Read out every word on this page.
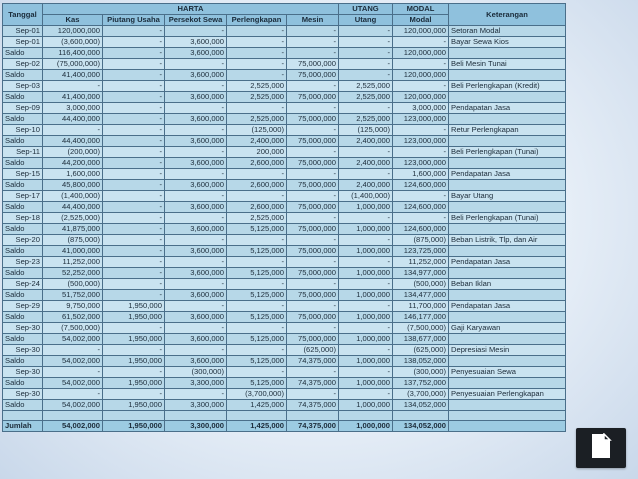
Tanggal	HARTA					UTANG	MODAL	Keterangan
	Kas	Piutang Usaha	Persekot Sewa	Perlengkapan	Mesin	Utang	Modal	
Sep-01	120,000,000	-	-	-	-	-	120,000,000	Setoran Modal
Sep-01	(3,600,000)	-	3,600,000	-	-	-	-	Bayar Sewa Kios
Saldo	116,400,000	-	3,600,000	-	-	-	120,000,000	
Sep-02	(75,000,000)	-	-	-	75,000,000	-	-	Beli Mesin Tunai
Saldo	41,400,000	-	3,600,000	-	75,000,000	-	120,000,000	
Sep-03	-	-	-	2,525,000	-	2,525,000	-	Beli Perlengkapan (Kredit)
Saldo	41,400,000	-	3,600,000	2,525,000	75,000,000	2,525,000	120,000,000	
Sep-09	3,000,000	-	-	-	-	-	3,000,000	Pendapatan Jasa
Saldo	44,400,000	-	3,600,000	2,525,000	75,000,000	2,525,000	123,000,000	
Sep-10	-	-	-	(125,000)	-	(125,000)	-	Retur Perlengkapan
Saldo	44,400,000	-	3,600,000	2,400,000	75,000,000	2,400,000	123,000,000	
Sep-11	(200,000)	-	-	200,000	-	-	-	Beli Perlengkapan (Tunai)
Saldo	44,200,000	-	3,600,000	2,600,000	75,000,000	2,400,000	123,000,000	
Sep-15	1,600,000	-	-	-	-	-	1,600,000	Pendapatan Jasa
Saldo	45,800,000	-	3,600,000	2,600,000	75,000,000	2,400,000	124,600,000	
Sep-17	(1,400,000)	-	-	-	-	(1,400,000)	-	Bayar Utang
Saldo	44,400,000	-	3,600,000	2,600,000	75,000,000	1,000,000	124,600,000	
Sep-18	(2,525,000)	-	-	2,525,000	-	-	-	Beli Perlengkapan (Tunai)
Saldo	41,875,000	-	3,600,000	5,125,000	75,000,000	1,000,000	124,600,000	
Sep-20	(875,000)	-	-	-	-	-	(875,000)	Beban Listrik, Tlp, dan Air
Saldo	41,000,000	-	3,600,000	5,125,000	75,000,000	1,000,000	123,725,000	
Sep-23	11,252,000	-	-	-	-	-	11,252,000	Pendapatan Jasa
Saldo	52,252,000	-	3,600,000	5,125,000	75,000,000	1,000,000	134,977,000	
Sep-24	(500,000)	-	-	-	-	-	(500,000)	Beban Iklan
Saldo	51,752,000	-	3,600,000	5,125,000	75,000,000	1,000,000	134,477,000	
Sep-29	9,750,000	1,950,000	-	-	-	-	11,700,000	Pendapatan Jasa
Saldo	61,502,000	1,950,000	3,600,000	5,125,000	75,000,000	1,000,000	146,177,000	
Sep-30	(7,500,000)	-	-	-	-	-	(7,500,000)	Gaji Karyawan
Saldo	54,002,000	1,950,000	3,600,000	5,125,000	75,000,000	1,000,000	138,677,000	
Sep-30	-	-	-	-	(625,000)	-	(625,000)	Depresiasi Mesin
Saldo	54,002,000	1,950,000	3,600,000	5,125,000	74,375,000	1,000,000	138,052,000	
Sep-30	-	-	(300,000)	-	-	-	(300,000)	Penyesuaian Sewa
Saldo	54,002,000	1,950,000	3,300,000	5,125,000	74,375,000	1,000,000	137,752,000	
Sep-30	-	-	-	(3,700,000)	-	-	(3,700,000)	Penyesuaian Perlengkapan
Saldo	54,002,000	1,950,000	3,300,000	1,425,000	74,375,000	1,000,000	134,052,000	

Jumlah	54,002,000	1,950,000	3,300,000	1,425,000	74,375,000	1,000,000	134,052,000	
